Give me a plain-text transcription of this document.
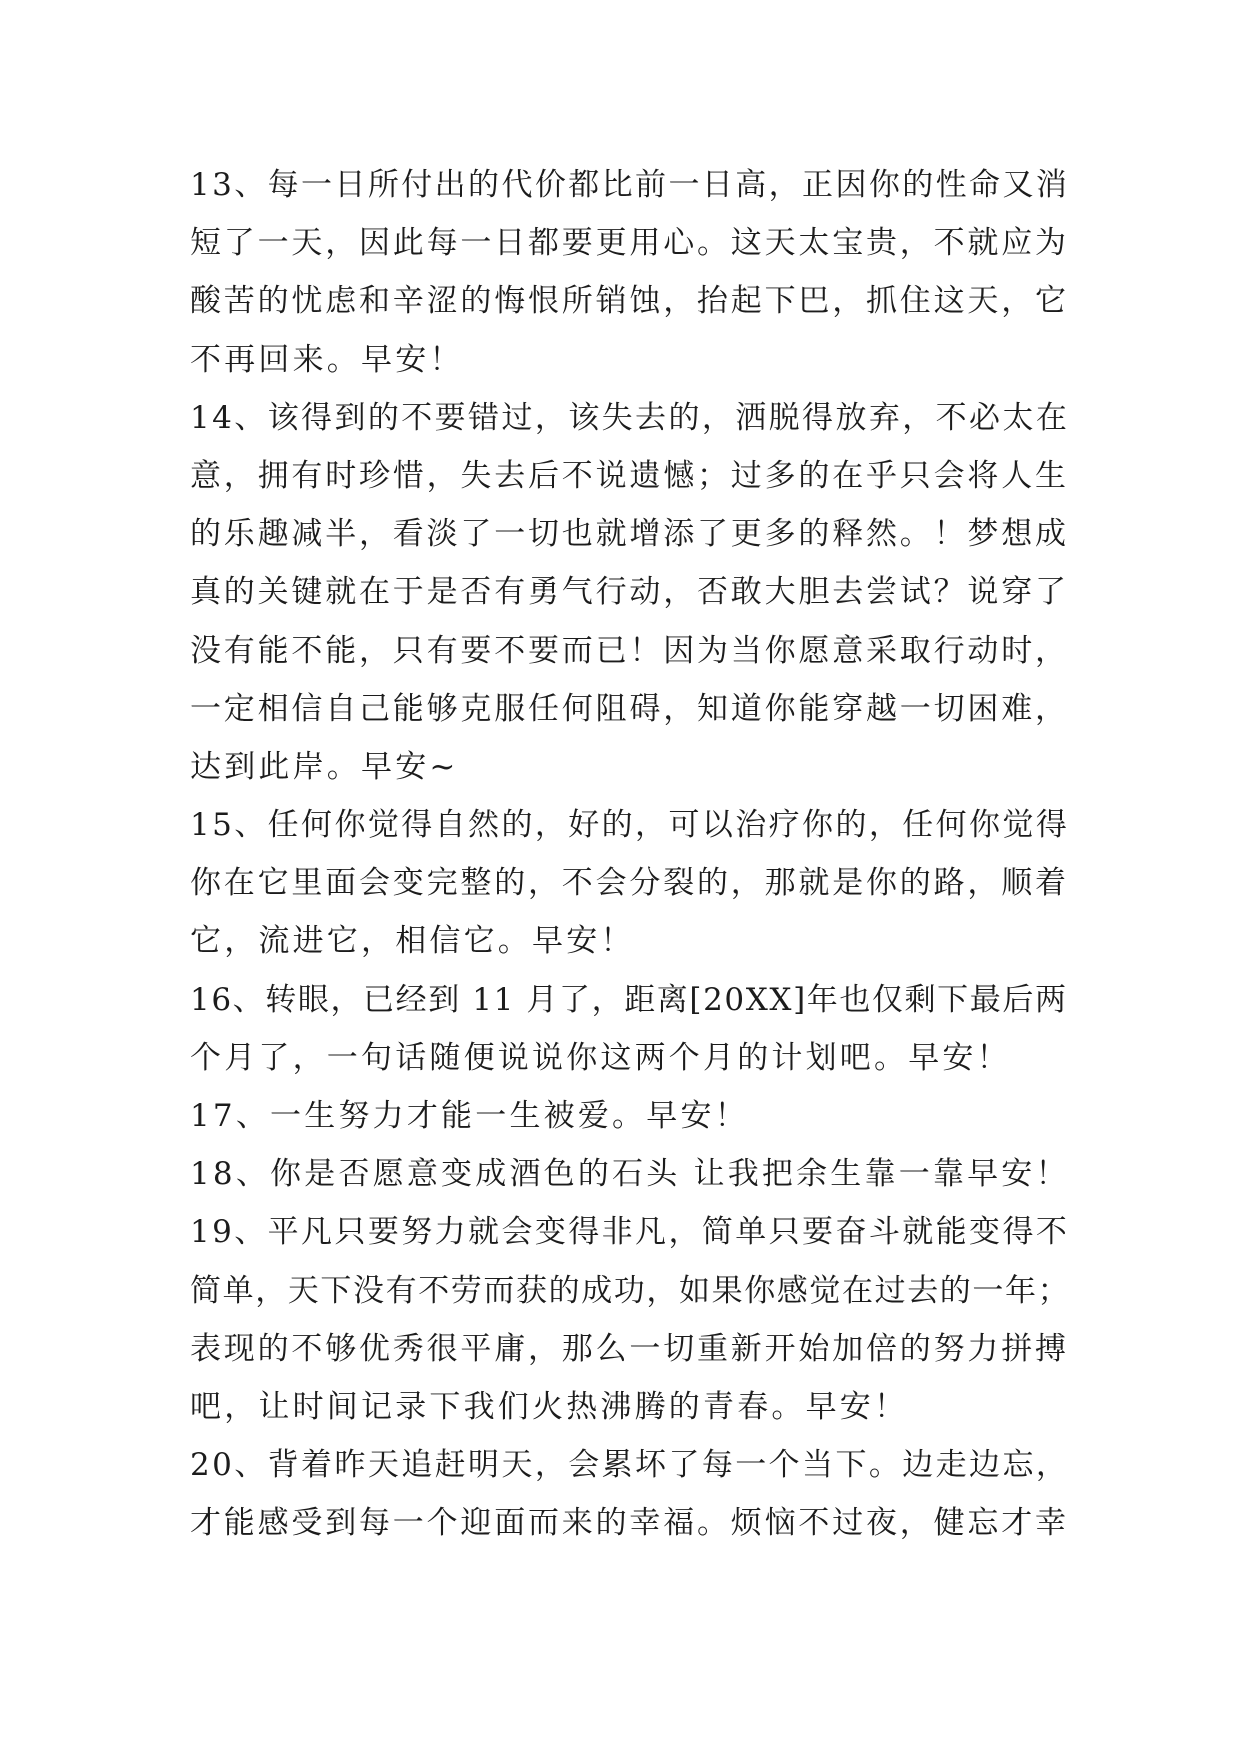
13、每一日所付出的代价都比前一日高，正因你的性命又消
短了一天，因此每一日都要更用心。这天太宝贵，不就应为
酸苦的忧虑和辛涩的悔恨所销蚀，抬起下巴，抓住这天，它
不再回来。早安！
14、该得到的不要错过，该失去的，洒脱得放弃，不必太在
意，拥有时珍惜，失去后不说遗憾；过多的在乎只会将人生
的乐趣减半，看淡了一切也就增添了更多的释然。！梦想成
真的关键就在于是否有勇气行动，否敢大胆去尝试？说穿了
没有能不能，只有要不要而已！因为当你愿意采取行动时，
一定相信自己能够克服任何阻碍，知道你能穿越一切困难，
达到此岸。早安~
15、任何你觉得自然的，好的，可以治疗你的，任何你觉得
你在它里面会变完整的，不会分裂的，那就是你的路，顺着
它，流进它，相信它。早安！
16、转眼，已经到 11 月了，距离[20XX]年也仅剩下最后两
个月了，一句话随便说说你这两个月的计划吧。早安！
17、一生努力才能一生被爱。早安！
18、你是否愿意变成酒色的石头 让我把余生靠一靠早安！
19、平凡只要努力就会变得非凡，简单只要奋斗就能变得不
简单，天下没有不劳而获的成功，如果你感觉在过去的一年；
表现的不够优秀很平庸，那么一切重新开始加倍的努力拼搏
吧，让时间记录下我们火热沸腾的青春。早安！
20、背着昨天追赶明天，会累坏了每一个当下。边走边忘，
才能感受到每一个迎面而来的幸福。烦恼不过夜，健忘才幸
